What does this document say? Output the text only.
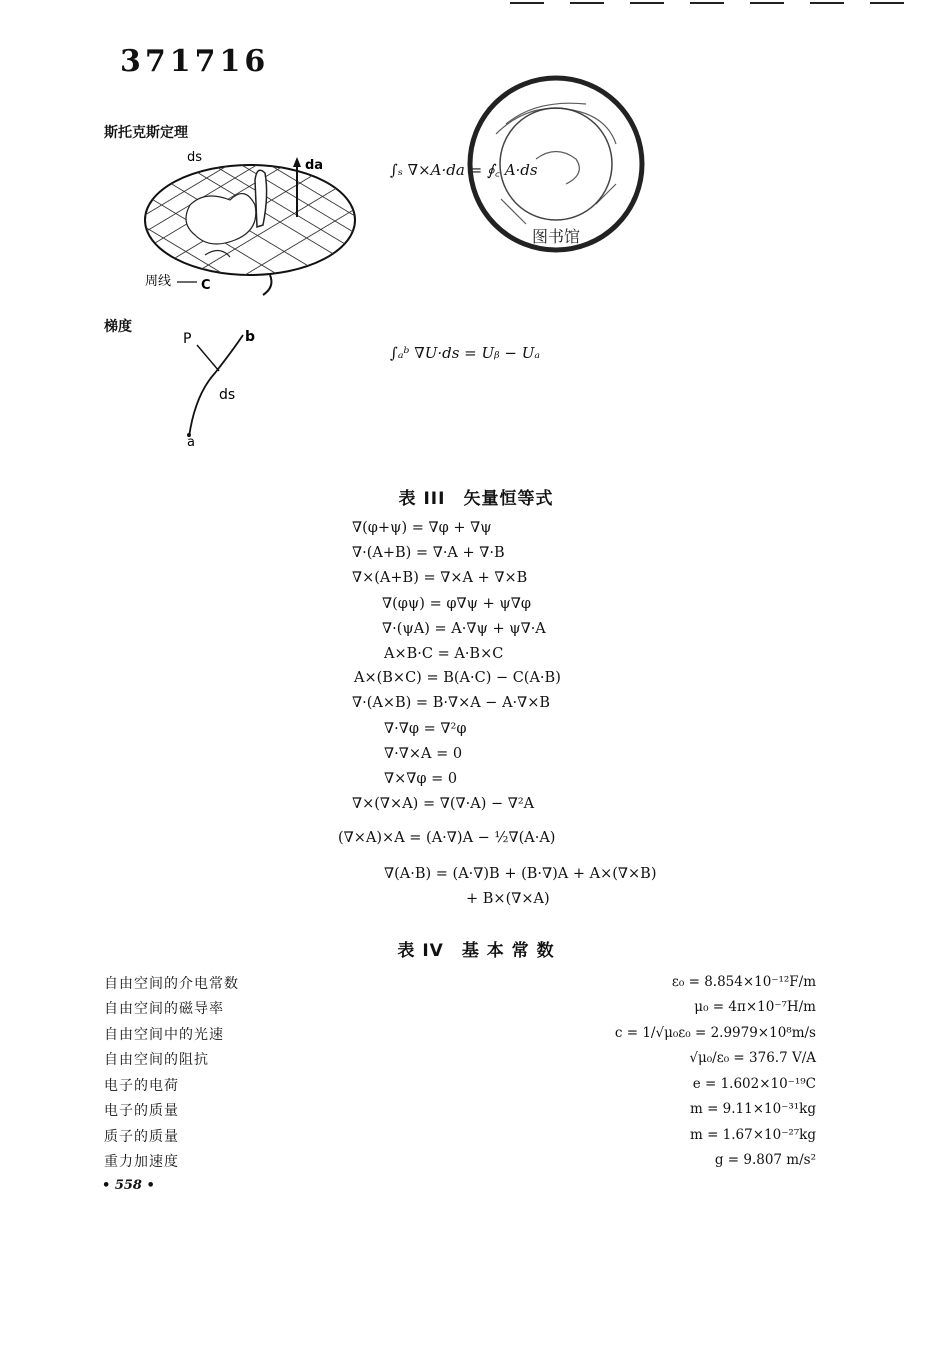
371716
斯托克斯定理
ds
da
周线 C
∫ₛ ∇×A·da = ∮꜀ A·ds
图书馆
梯度
P	b
ds
a
∫ₐᵇ ∇U·ds = Uᵦ − Uₐ
表 III　矢量恒等式
∇(φ+ψ) = ∇φ + ∇ψ
∇·(A+B) = ∇·A + ∇·B
∇×(A+B) = ∇×A + ∇×B
∇(φψ) = φ∇ψ + ψ∇φ
∇·(ψA) = A·∇ψ + ψ∇·A
A×B·C = A·B×C
A×(B×C) = B(A·C) − C(A·B)
∇·(A×B) = B·∇×A − A·∇×B
∇·∇φ = ∇²φ
∇·∇×A = 0
∇×∇φ = 0
∇×(∇×A) = ∇(∇·A) − ∇²A
(∇×A)×A = (A·∇)A − ½∇(A·A)
∇(A·B) = (A·∇)B + (B·∇)A + A×(∇×B)
+ B×(∇×A)
表 IV　基 本 常 数
自由空间的介电常数	ε₀ = 8.854×10⁻¹²F/m
自由空间的磁导率	μ₀ = 4π×10⁻⁷H/m
自由空间中的光速	c = 1/√μ₀ε₀ = 2.9979×10⁸m/s
自由空间的阻抗	√μ₀/ε₀ = 376.7 V/A
电子的电荷	e = 1.602×10⁻¹⁹C
电子的质量	m = 9.11×10⁻³¹kg
质子的质量	m = 1.67×10⁻²⁷kg
重力加速度	g = 9.807 m/s²
• 558 •
